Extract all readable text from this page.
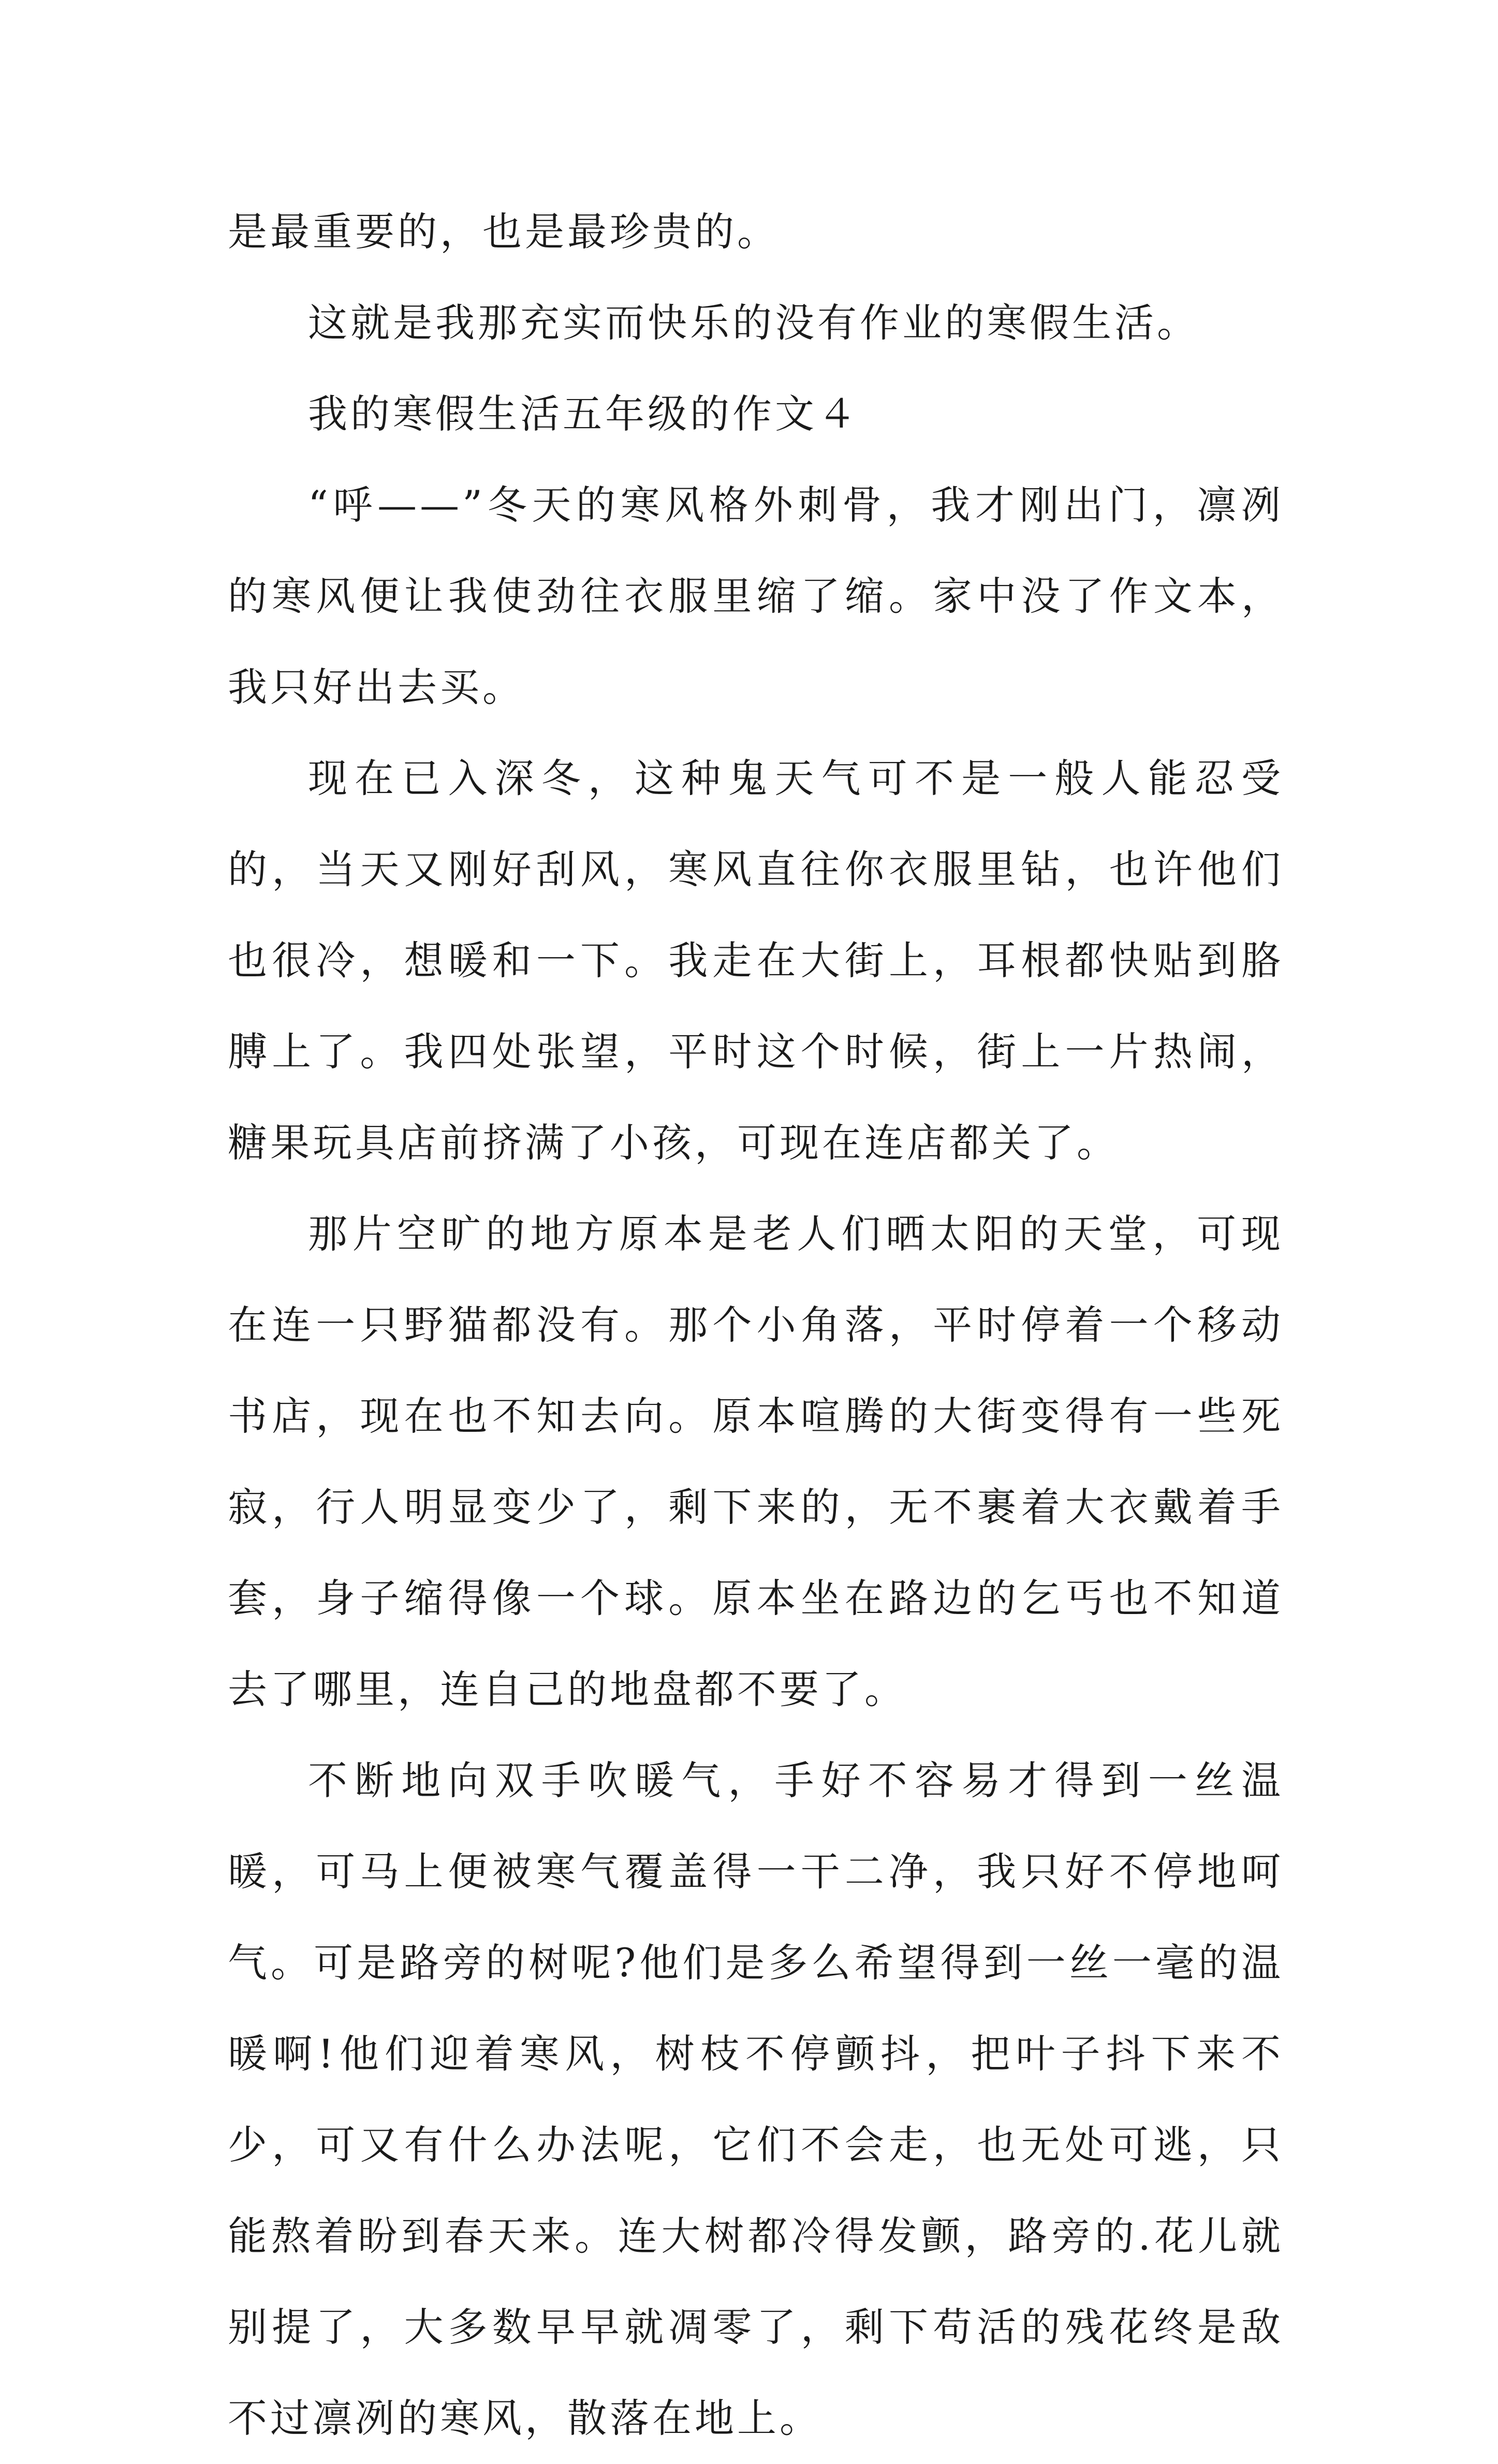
是最重要的，也是最珍贵的。

这就是我那充实而快乐的没有作业的寒假生活。

我的寒假生活五年级的作文４

“呼——”冬天的寒风格外刺骨，我才刚出门，凛冽的寒风便让我使劲往衣服里缩了缩。家中没了作文本，我只好出去买。

现在已入深冬，这种鬼天气可不是一般人能忍受的，当天又刚好刮风，寒风直往你衣服里钻，也许他们也很冷，想暖和一下。我走在大街上，耳根都快贴到胳膊上了。我四处张望，平时这个时候，街上一片热闹，糖果玩具店前挤满了小孩，可现在连店都关了。

那片空旷的地方原本是老人们晒太阳的天堂，可现在连一只野猫都没有。那个小角落，平时停着一个移动书店，现在也不知去向。原本喧腾的大街变得有一些死寂，行人明显变少了，剩下来的，无不裹着大衣戴着手套，身子缩得像一个球。原本坐在路边的乞丐也不知道去了哪里，连自己的地盘都不要了。

不断地向双手吹暖气，手好不容易才得到一丝温暖，可马上便被寒气覆盖得一干二净，我只好不停地呵气。可是路旁的树呢?他们是多么希望得到一丝一毫的温暖啊!他们迎着寒风，树枝不停颤抖，把叶子抖下来不少，可又有什么办法呢，它们不会走，也无处可逃，只能熬着盼到春天来。连大树都冷得发颤，路旁的.花儿就别提了，大多数早早就凋零了，剩下苟活的残花终是敌不过凛冽的寒风，散落在地上。
